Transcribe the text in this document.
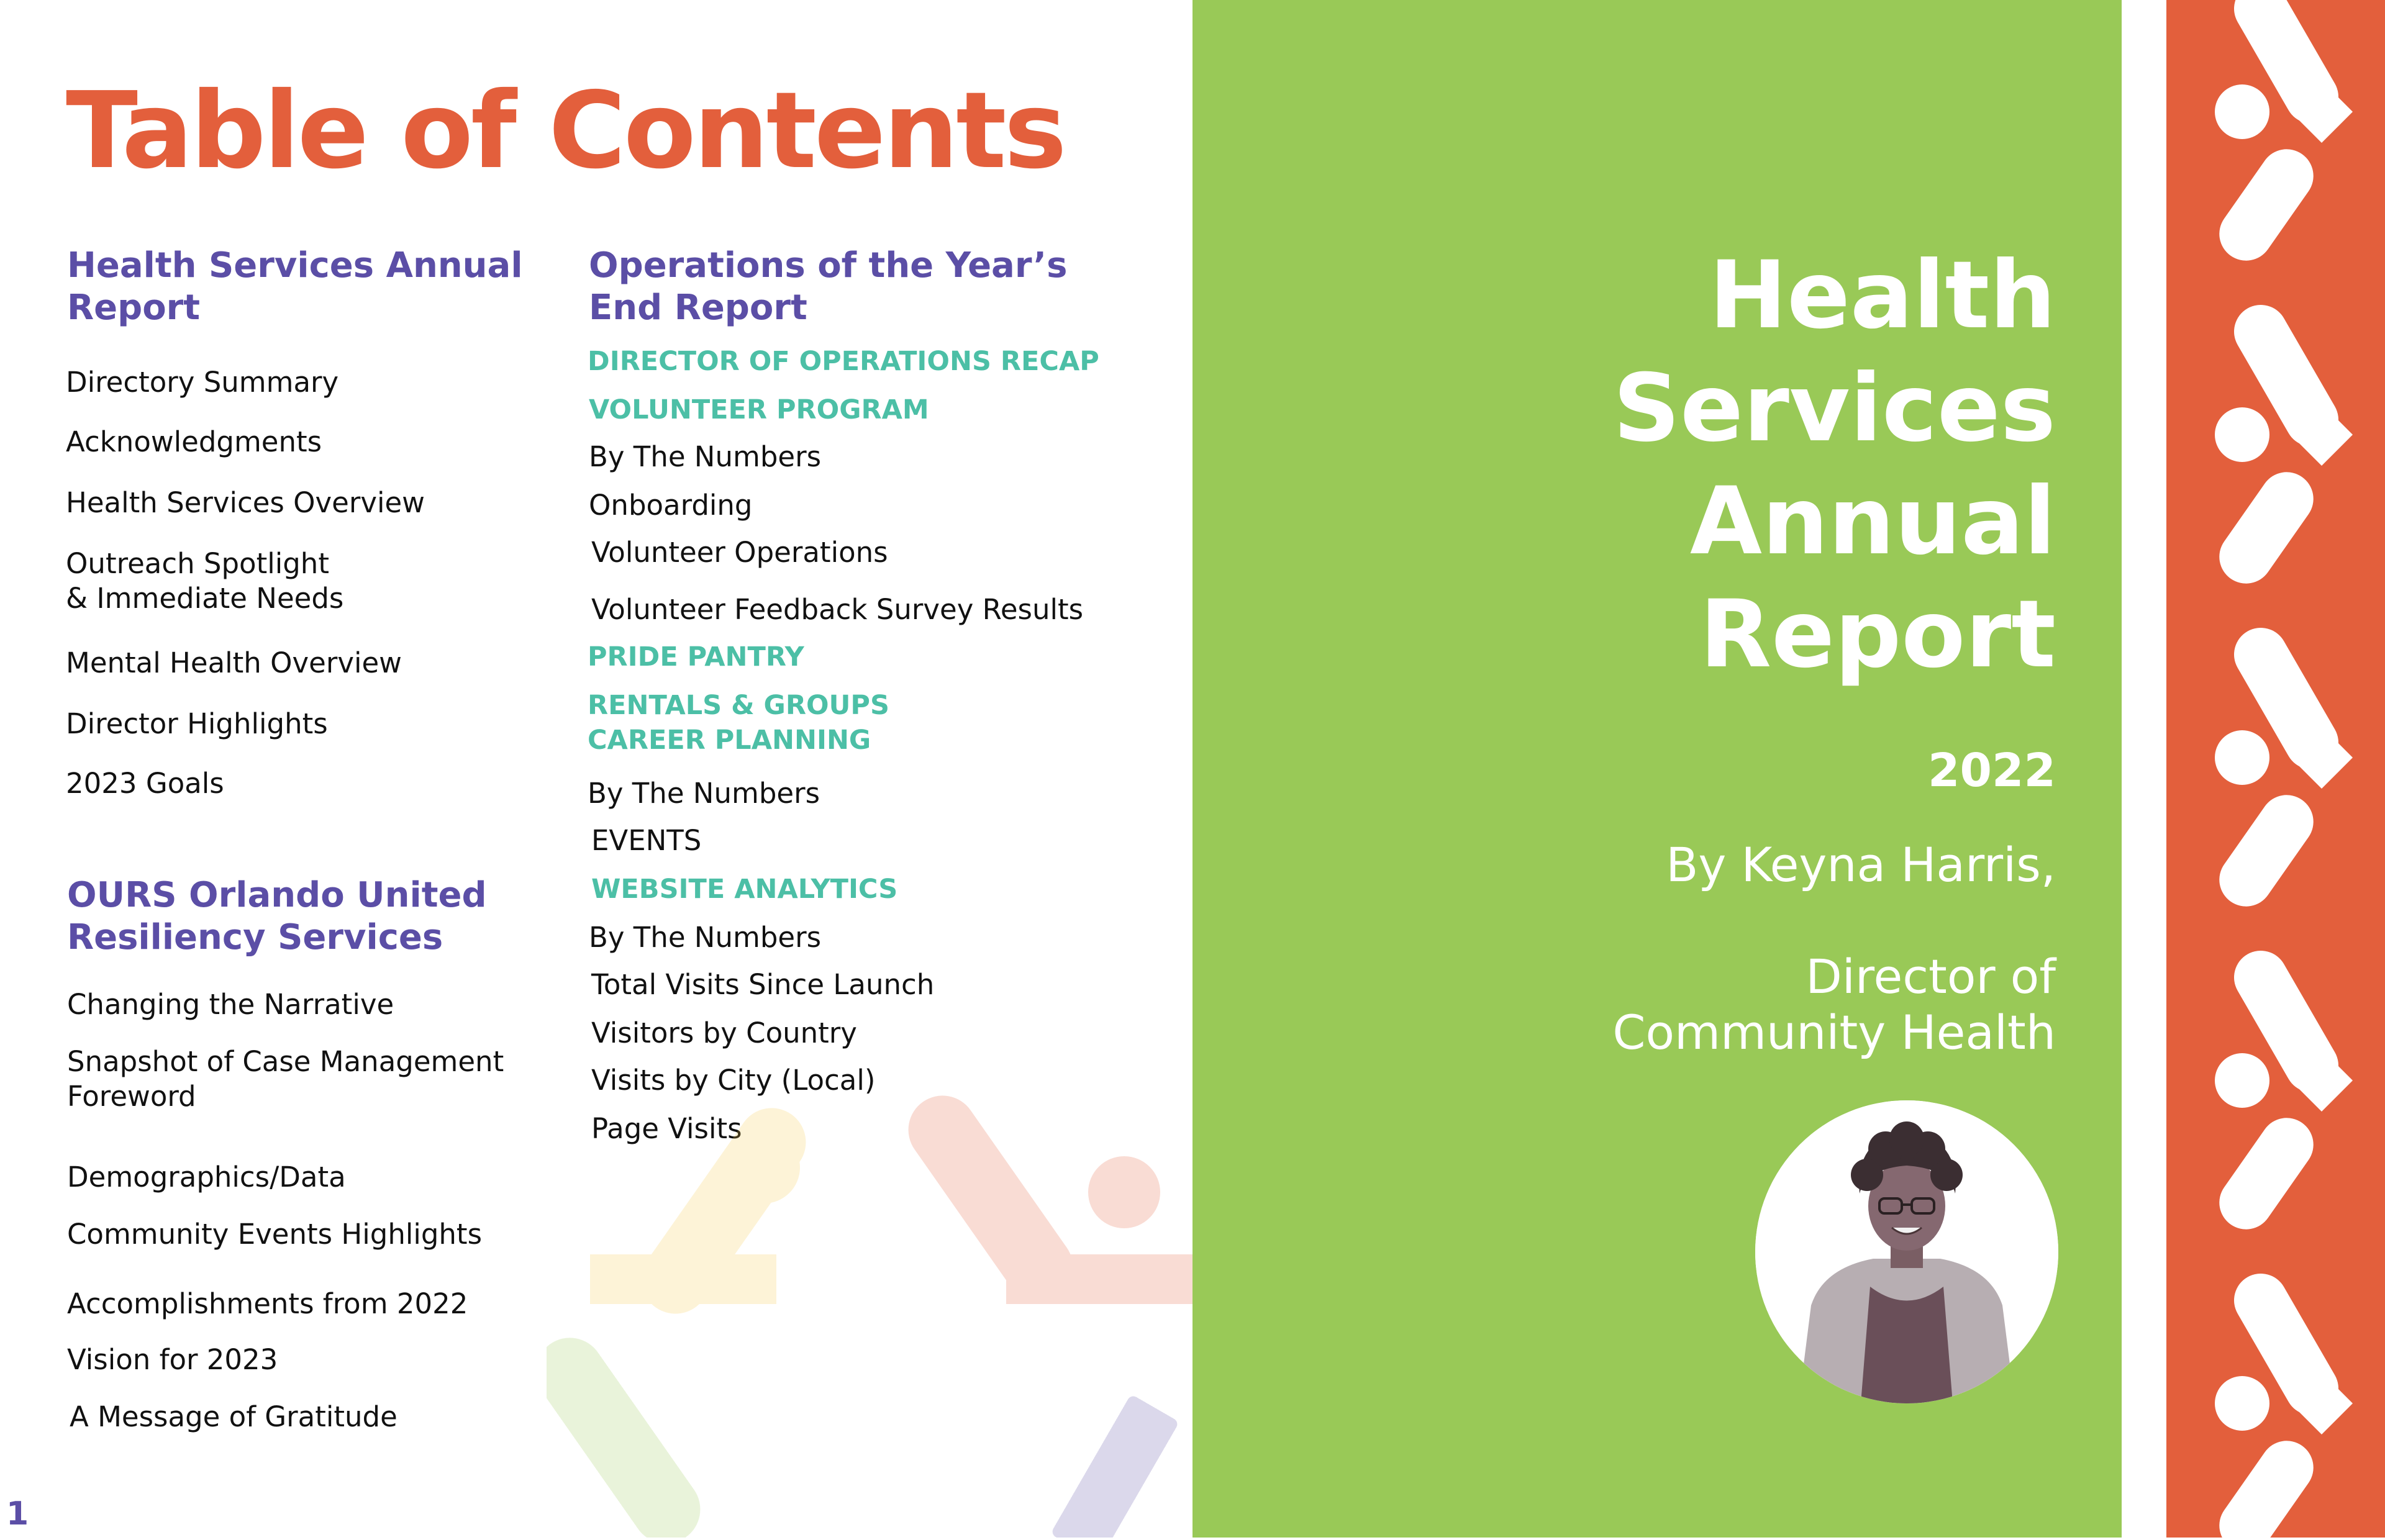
Table of Contents
Health Services Annual
Report
Directory Summary
Acknowledgments
Health Services Overview
Outreach Spotlight
& Immediate Needs
Mental Health Overview
Director Highlights
2023 Goals
OURS Orlando United
Resiliency Services
Changing the Narrative
Snapshot of Case Management
Foreword
Demographics/Data
Community Events Highlights
Accomplishments from 2022
Vision for 2023
A Message of Gratitude
Operations of the Year’s
End Report
DIRECTOR OF OPERATIONS RECAP
VOLUNTEER PROGRAM
By The Numbers
Onboarding
Volunteer Operations
Volunteer Feedback Survey Results
PRIDE PANTRY
RENTALS & GROUPS
CAREER PLANNING
By The Numbers
EVENTS
WEBSITE ANALYTICS
By The Numbers
Total Visits Since Launch
Visitors by Country
Visits by City (Local)
Page Visits
1
Health
Services
Annual
Report
2022
By Keyna Harris,
Director of
Community Health
